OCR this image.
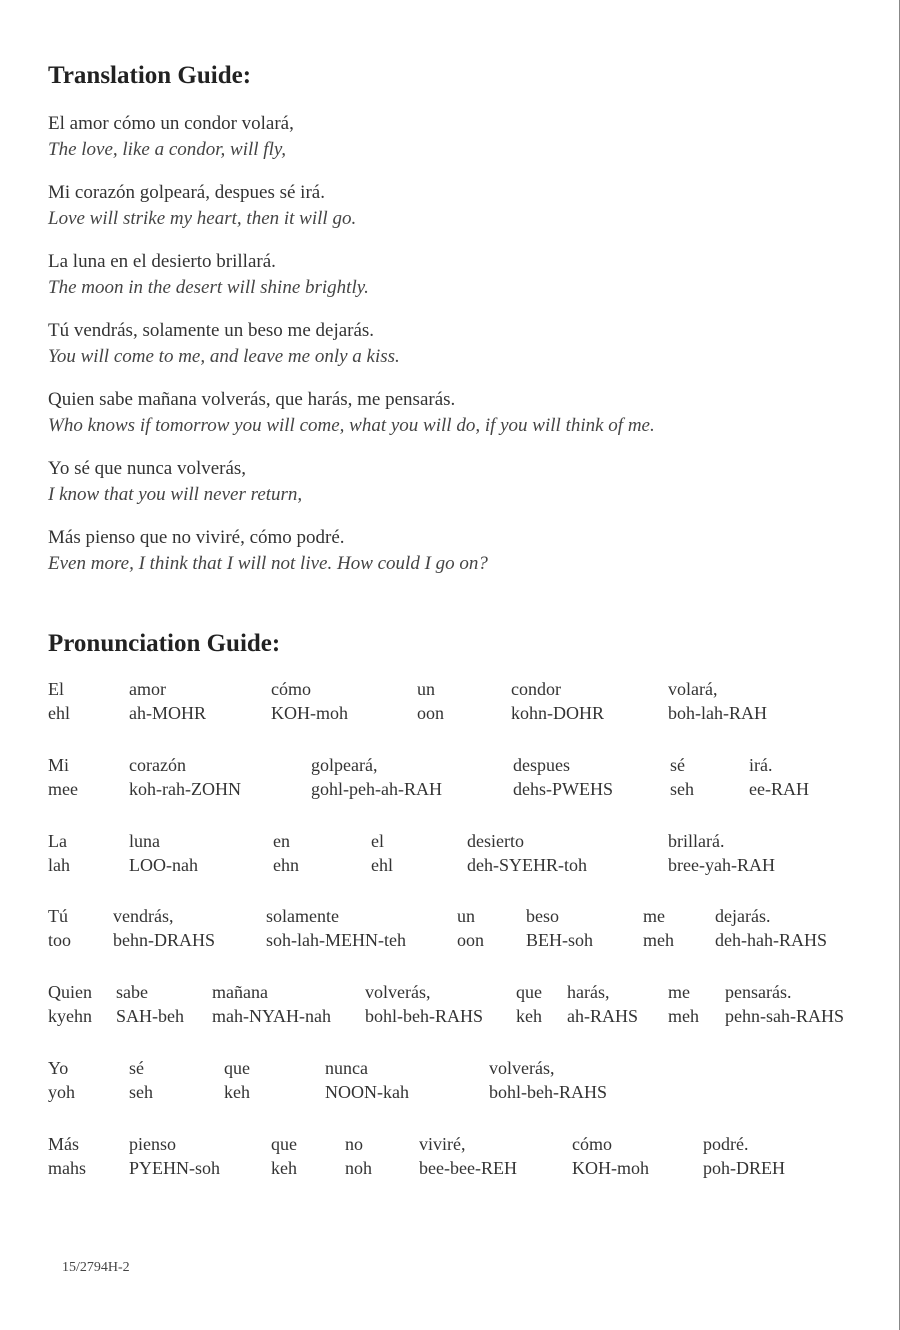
Translation Guide:
El amor cómo un condor volará,
The love, like a condor, will fly,
Mi corazón golpeará, despues sé irá.
Love will strike my heart, then it will go.
La luna en el desierto brillará.
The moon in the desert will shine brightly.
Tú vendrás, solamente un beso me dejarás.
You will come to me, and leave me only a kiss.
Quien sabe mañana volverás, que harás, me pensarás.
Who knows if tomorrow you will come, what you will do, if you will think of me.
Yo sé que nunca volverás,
I know that you will never return,
Más pienso que no viviré, cómo podré.
Even more, I think that I will not live. How could I go on?
Pronunciation Guide:
El
ehl
amor
ah-MOHR
cómo
KOH-moh
un
oon
condor
kohn-DOHR
volará,
boh-lah-RAH
Mi
mee
corazón
koh-rah-ZOHN
golpeará,
gohl-peh-ah-RAH
despues
dehs-PWEHS
sé
seh
irá.
ee-RAH
La
lah
luna
LOO-nah
en
ehn
el
ehl
desierto
deh-SYEHR-toh
brillará.
bree-yah-RAH
Tú
too
vendrás,
behn-DRAHS
solamente
soh-lah-MEHN-teh
un
oon
beso
BEH-soh
me
meh
dejarás.
deh-hah-RAHS
Quien
kyehn
sabe
SAH-beh
mañana
mah-NYAH-nah
volverás,
bohl-beh-RAHS
que
keh
harás,
ah-RAHS
me
meh
pensarás.
pehn-sah-RAHS
Yo
yoh
sé
seh
que
keh
nunca
NOON-kah
volverás,
bohl-beh-RAHS
Más
mahs
pienso
PYEHN-soh
que
keh
no
noh
viviré,
bee-bee-REH
cómo
KOH-moh
podré.
poh-DREH
15/2794H-2
